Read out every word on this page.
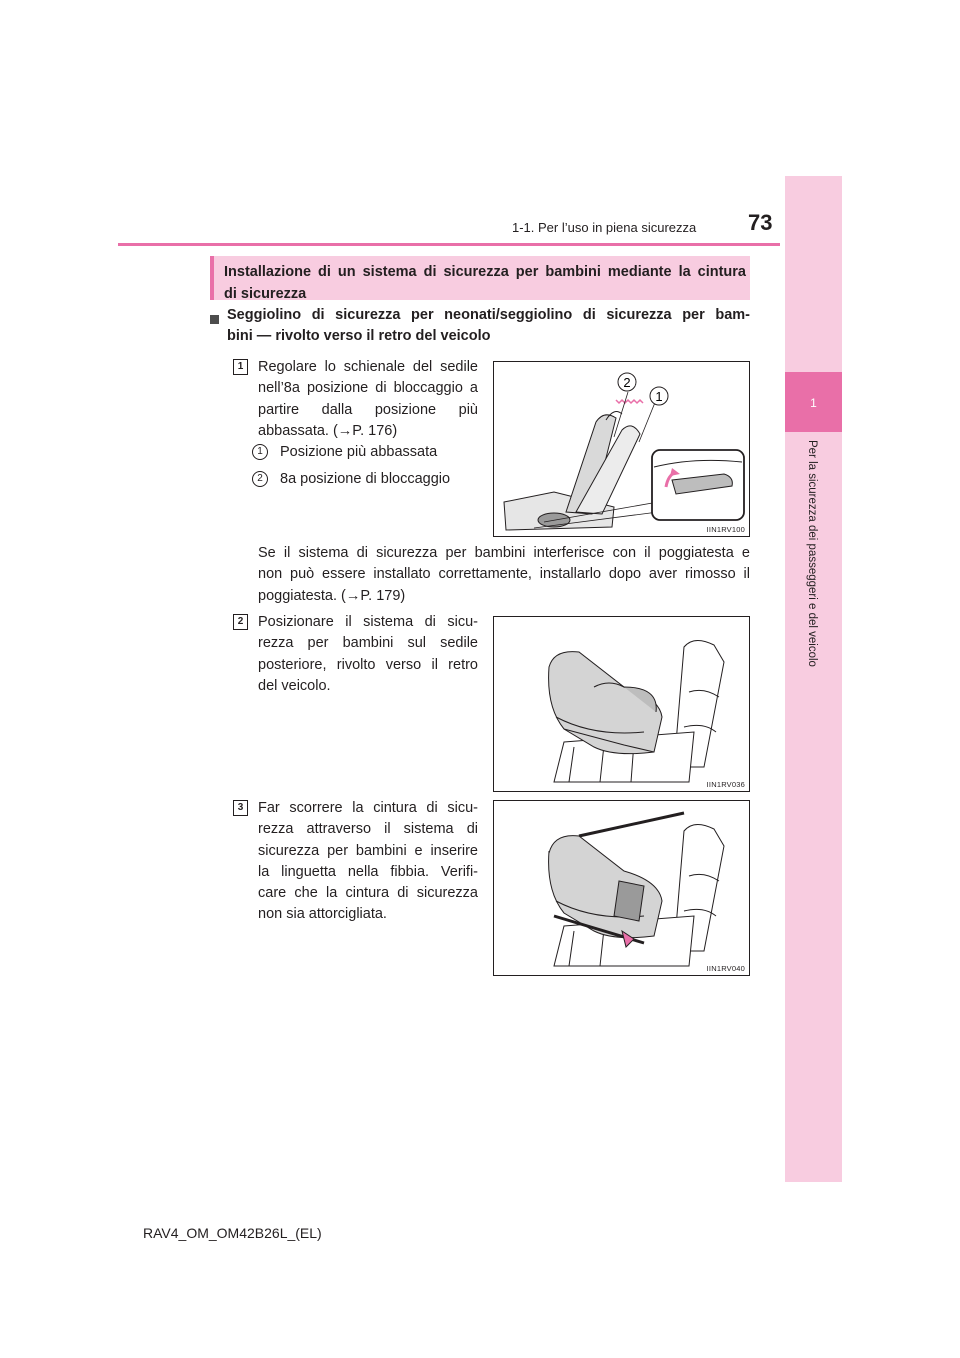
1-1. Per l’uso in piena sicurezza 73
1
Per la sicurezza dei passeggeri e del veicolo
Installazione di un sistema di sicurezza per bambini mediante la cintura
di sicurezza
Seggiolino di sicurezza per neonati/seggiolino di sicurezza per bam-
bini — rivolto verso il retro del veicolo
1	Regolare lo schienale del sedile
nell’8a posizione di bloccaggio a
partire dalla posizione più
abbassata. (→P. 176)
1	Posizione più abbassata
2	8a posizione di bloccaggio
2
1
IIN1RV100
Se il sistema di sicurezza per bambini interferisce con il poggiatesta e
non può essere installato correttamente, installarlo dopo aver rimosso il
poggiatesta. (→P. 179)
2	Posizionare il sistema di sicu-
rezza per bambini sul sedile
posteriore, rivolto verso il retro
del veicolo.
IIN1RV036
3	Far scorrere la cintura di sicu-
rezza attraverso il sistema di
sicurezza per bambini e inserire
la linguetta nella fibbia. Verifi-
care che la cintura di sicurezza
non sia attorcigliata.
IIN1RV040
RAV4_OM_OM42B26L_(EL)
